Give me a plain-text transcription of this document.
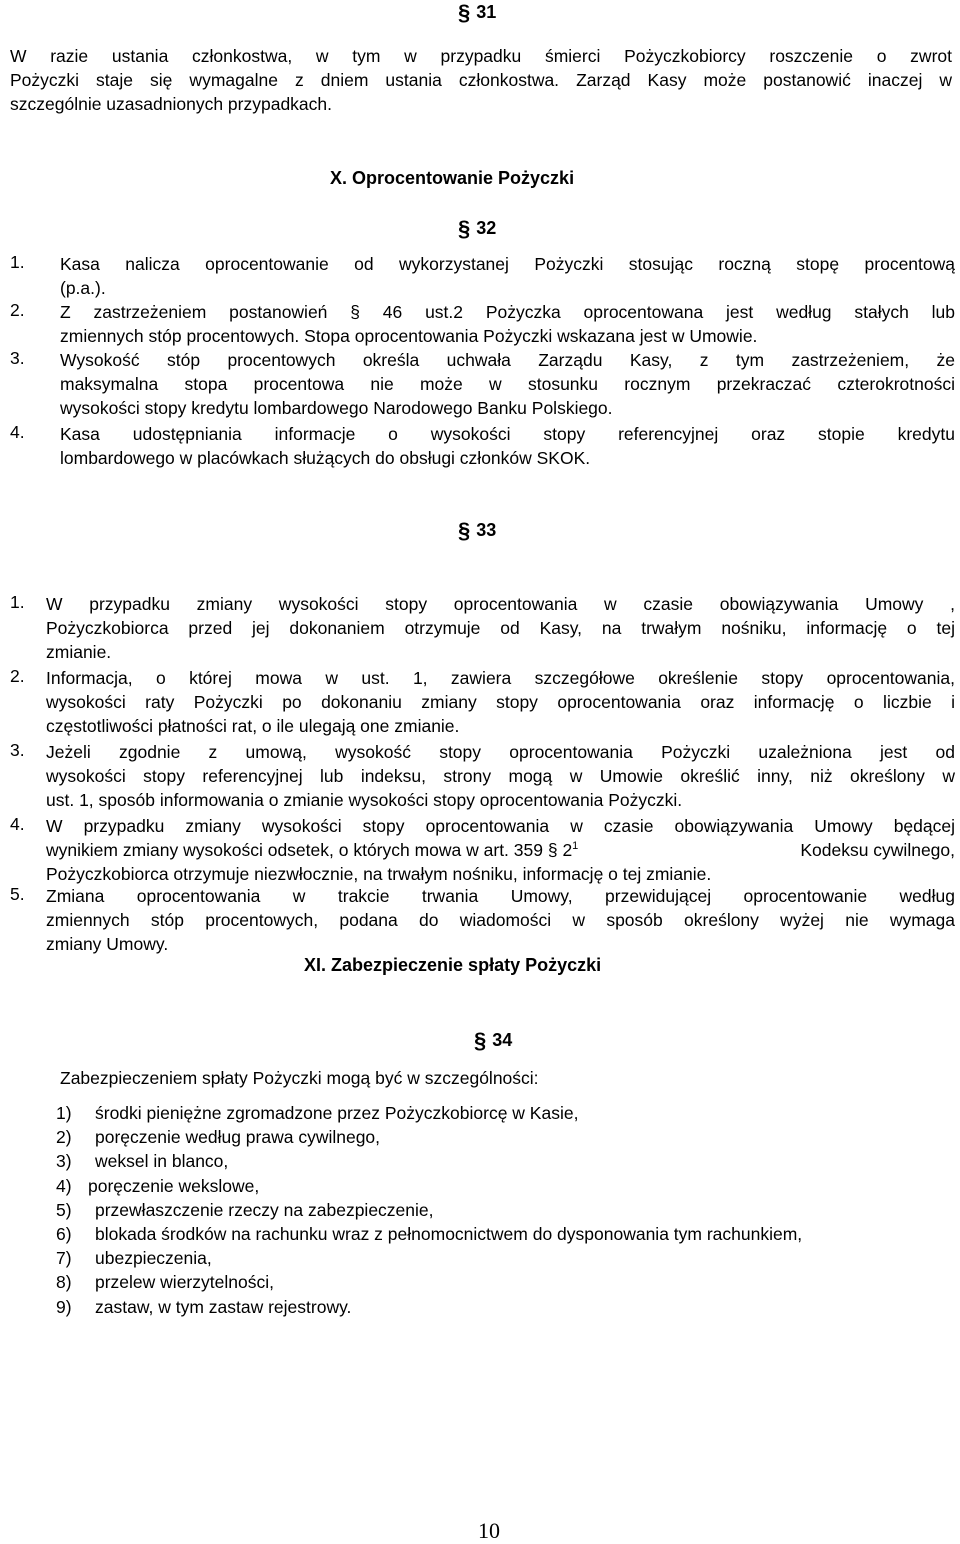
§ 31
W razie ustania członkostwa, w tym w przypadku śmierci Pożyczkobiorcy roszczenie o zwrot
Pożyczki staje się wymagalne z dniem ustania członkostwa. Zarząd Kasy może postanowić inaczej w
szczególnie uzasadnionych przypadkach.
X. Oprocentowanie Pożyczki
§ 32
1. Kasa nalicza oprocentowanie od wykorzystanej Pożyczki stosując roczną stopę procentową
(p.a.).
2. Z zastrzeżeniem postanowień § 46 ust.2 Pożyczka oprocentowana jest według stałych lub
zmiennych stóp procentowych. Stopa oprocentowania Pożyczki wskazana jest w Umowie.
3. Wysokość stóp procentowych określa uchwała Zarządu Kasy, z tym zastrzeżeniem, że
maksymalna stopa procentowa nie może w stosunku rocznym przekraczać czterokrotności
wysokości stopy kredytu lombardowego Narodowego Banku Polskiego.
4. Kasa udostępniania informacje o wysokości stopy referencyjnej oraz stopie kredytu
lombardowego w placówkach służących do obsługi członków SKOK.
§ 33
1. W przypadku zmiany wysokości stopy oprocentowania w czasie obowiązywania Umowy ,
Pożyczkobiorca przed jej dokonaniem otrzymuje od Kasy, na trwałym nośniku, informację o tej
zmianie.
2. Informacja, o której mowa w ust. 1, zawiera szczegółowe określenie stopy oprocentowania,
wysokości raty Pożyczki po dokonaniu zmiany stopy oprocentowania oraz informację o liczbie i
częstotliwości płatności rat, o ile ulegają one zmianie.
3. Jeżeli zgodnie z umową, wysokość stopy oprocentowania Pożyczki uzależniona jest od
wysokości stopy referencyjnej lub indeksu, strony mogą w Umowie określić inny, niż określony w
ust. 1, sposób informowania o zmianie wysokości stopy oprocentowania Pożyczki.
4. W przypadku zmiany wysokości stopy oprocentowania w czasie obowiązywania Umowy będącej
wynikiem zmiany wysokości odsetek, o których mowa w art. 359 § $2^1$	Kodeksu cywilnego,
Pożyczkobiorca otrzymuje niezwłocznie, na trwałym nośniku, informację o tej zmianie.
5. Zmiana oprocentowania w trakcie trwania Umowy, przewidującej oprocentowanie według
zmiennych stóp procentowych, podana do wiadomości w sposób określony wyżej nie wymaga
zmiany Umowy.
XI. Zabezpieczenie spłaty Pożyczki
§ 34
Zabezpieczeniem spłaty Pożyczki mogą być w szczególności:
1) środki pieniężne zgromadzone przez Pożyczkobiorcę w Kasie,
2) poręczenie według prawa cywilnego,
3) weksel in blanco,
4) poręczenie wekslowe,
5) przewłaszczenie rzeczy na zabezpieczenie,
6) blokada środków na rachunku wraz z pełnomocnictwem do dysponowania tym rachunkiem,
7) ubezpieczenia,
8) przelew wierzytelności,
9) zastaw, w tym zastaw rejestrowy.
10
